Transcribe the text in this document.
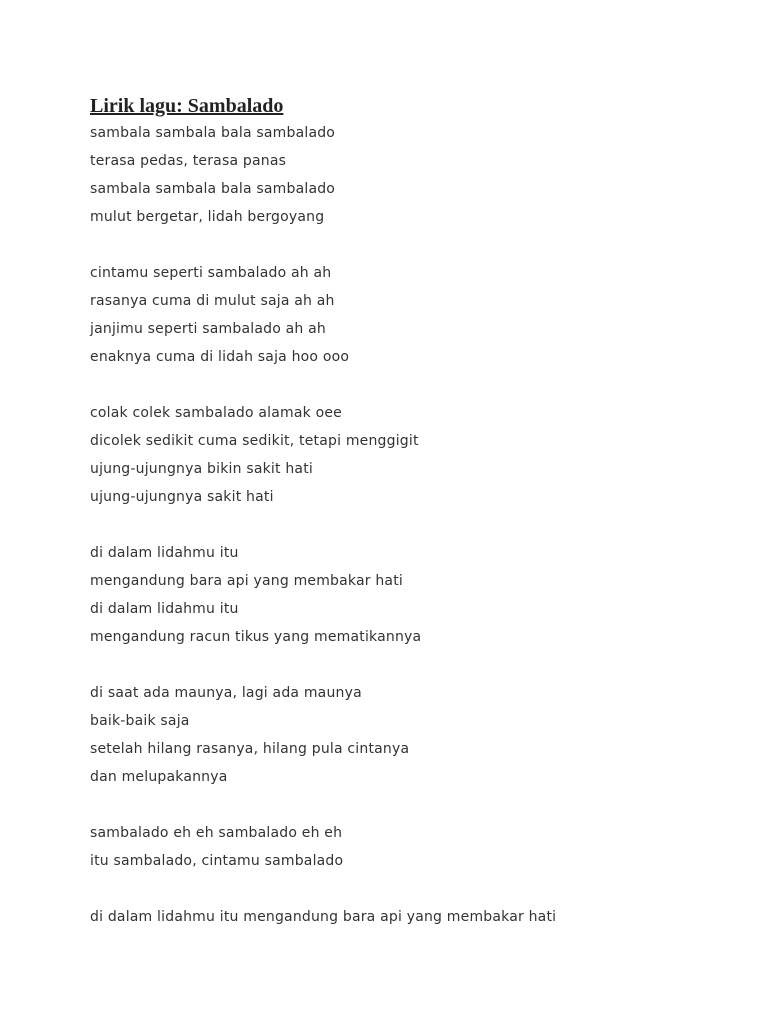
Lirik lagu: Sambalado
sambala sambala bala sambalado
terasa pedas, terasa panas
sambala sambala bala sambalado
mulut bergetar, lidah bergoyang
cintamu seperti sambalado ah ah
rasanya cuma di mulut saja ah ah
janjimu seperti sambalado ah ah
enaknya cuma di lidah saja hoo ooo
colak colek sambalado alamak oee
dicolek sedikit cuma sedikit, tetapi menggigit
ujung-ujungnya bikin sakit hati
ujung-ujungnya sakit hati
di dalam lidahmu itu
mengandung bara api yang membakar hati
di dalam lidahmu itu
mengandung racun tikus yang mematikannya
di saat ada maunya, lagi ada maunya
baik-baik saja
setelah hilang rasanya, hilang pula cintanya
dan melupakannya
sambalado eh eh sambalado eh eh
itu sambalado, cintamu sambalado
di dalam lidahmu itu mengandung bara api yang membakar hati
